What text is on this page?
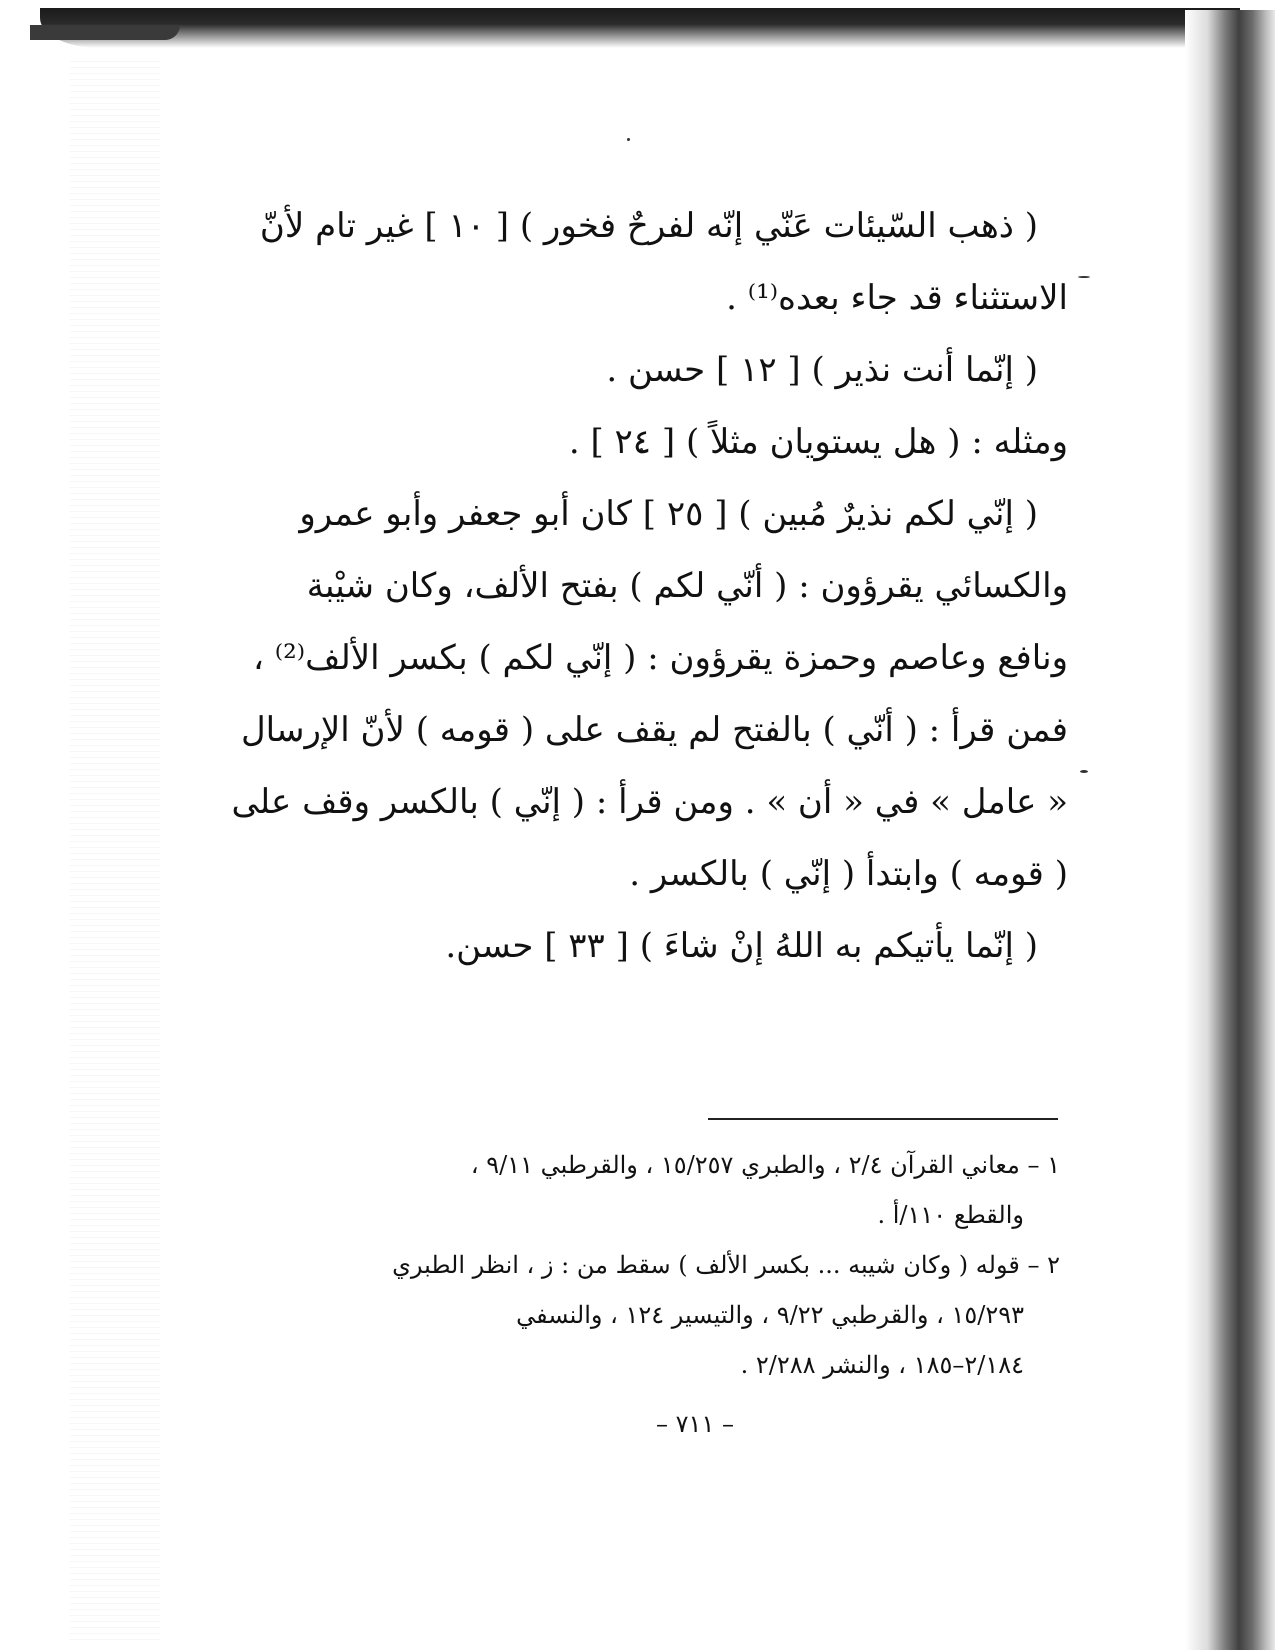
( ذهب السّيئات عَنّي إنّه لفرحٌ فخور ) [ ١٠ ] غير تام لأنّ
الاستثناء قد جاء بعده⁽¹⁾ .
( إنّما أنت نذير ) [ ١٢ ] حسن .
ومثله : ( هل يستويان مثلاً ) [ ٢٤ ] .
( إنّي لكم نذيرٌ مُبين ) [ ٢٥ ] كان أبو جعفر وأبو عمرو
والكسائي يقرؤون : ( أنّي لكم ) بفتح الألف، وكان شيْبة
ونافع وعاصم وحمزة يقرؤون : ( إنّي لكم ) بكسر الألف⁽²⁾ ،
فمن قرأ : ( أنّي ) بالفتح لم يقف على ( قومه ) لأنّ الإرسال
« عامل » في « أن » . ومن قرأ : ( إنّي ) بالكسر وقف على
( قومه ) وابتدأ ( إنّي ) بالكسر .
( إنّما يأتيكم به اللهُ إنْ شاءَ ) [ ٣٣ ] حسن.
١ – معاني القرآن ٢/٤ ، والطبري ١٥/٢٥٧ ، والقرطبي ٩/١١ ،
والقطع ١١٠/أ .
٢ – قوله ( وكان شيبه ... بكسر الألف ) سقط من : ز ، انظر الطبري
١٥/٢٩٣ ، والقرطبي ٩/٢٢ ، والتيسير ١٢٤ ، والنسفي
٢/١٨٤–١٨٥ ، والنشر ٢/٢٨٨ .
– ٧١١ –
